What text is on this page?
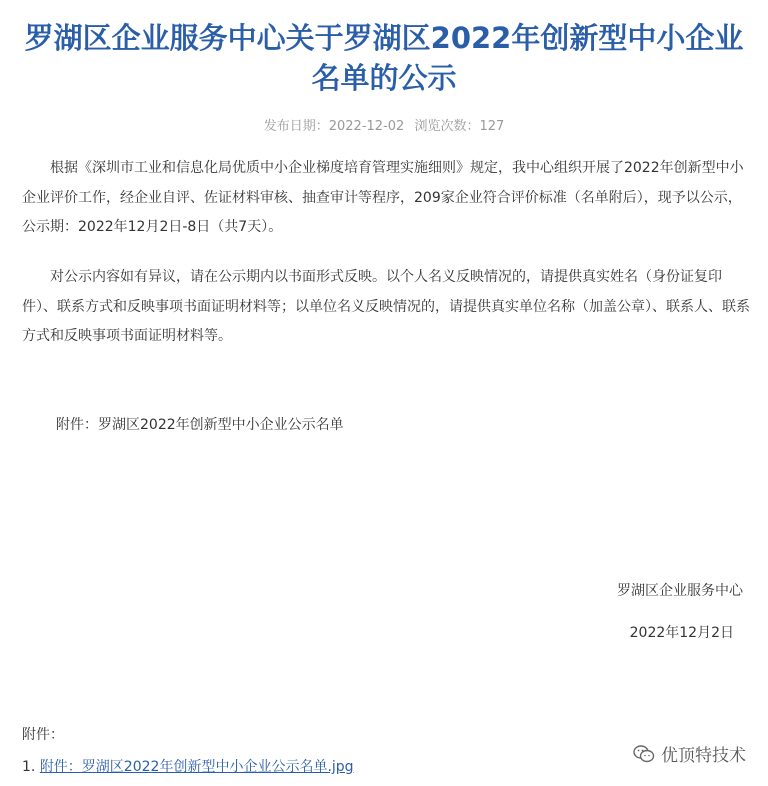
罗湖区企业服务中心关于罗湖区2022年创新型中小企业名单的公示
发布日期：2022-12-02 浏览次数：127

根据《深圳市工业和信息化局优质中小企业梯度培育管理实施细则》规定，我中心组织开展了2022年创新型中小企业评价工作，经企业自评、佐证材料审核、抽查审计等程序，209家企业符合评价标准（名单附后），现予以公示，公示期：2022年12月2日-8日（共7天）。

对公示内容如有异议，请在公示期内以书面形式反映。以个人名义反映情况的，请提供真实姓名（身份证复印件）、联系方式和反映事项书面证明材料等；以单位名义反映情况的，请提供真实单位名称（加盖公章）、联系人、联系方式和反映事项书面证明材料等。

附件：罗湖区2022年创新型中小企业公示名单
罗湖区企业服务中心
2022年12月2日
附件：
1. 附件：罗湖区2022年创新型中小企业公示名单.jpg
优顶特技术
